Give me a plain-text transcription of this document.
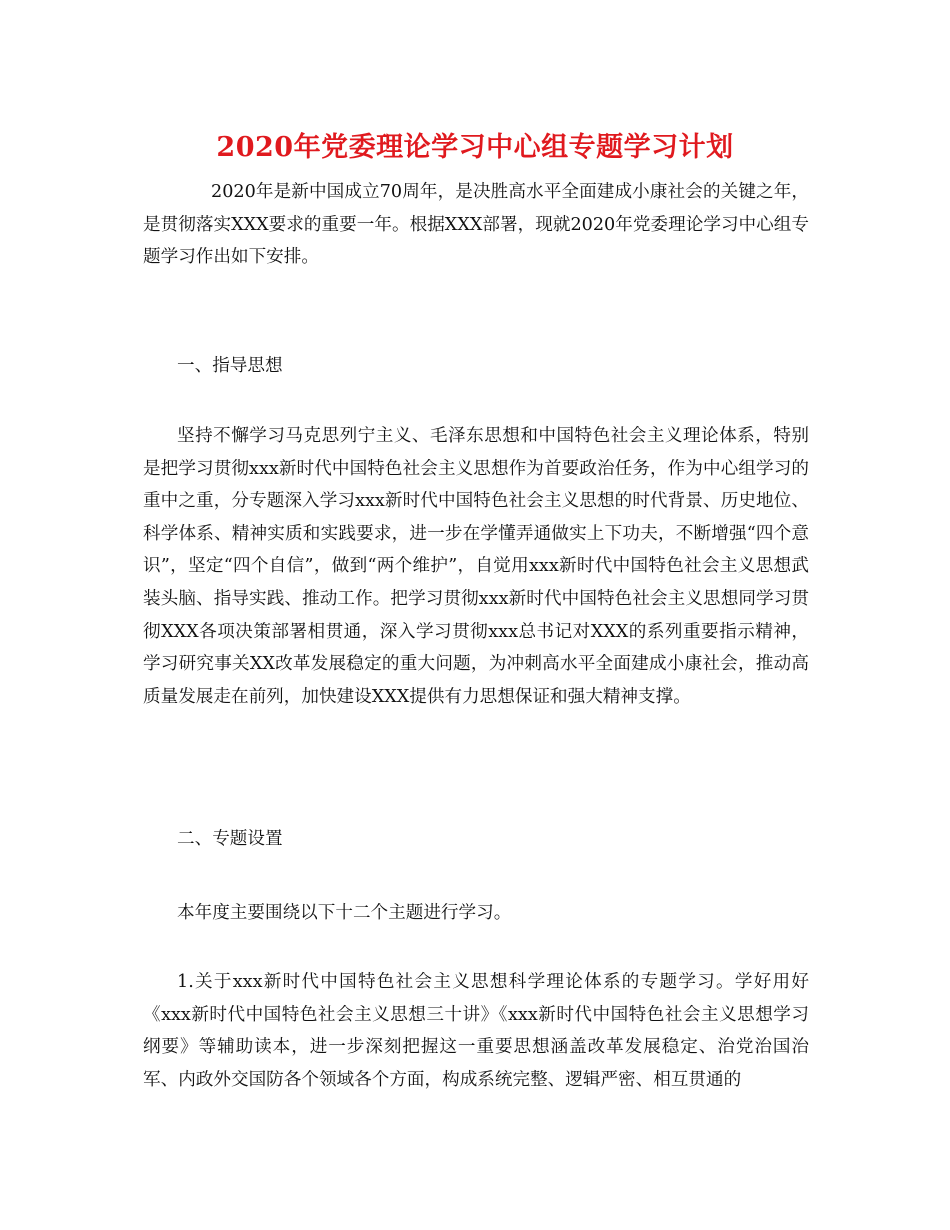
2020年党委理论学习中心组专题学习计划

2020年是新中国成立70周年，是决胜高水平全面建成小康社会的关键之年，是贯彻落实XXX要求的重要一年。根据XXX部署，现就2020年党委理论学习中心组专题学习作出如下安排。

一、指导思想

坚持不懈学习马克思列宁主义、毛泽东思想和中国特色社会主义理论体系，特别是把学习贯彻xxx新时代中国特色社会主义思想作为首要政治任务，作为中心组学习的重中之重，分专题深入学习xxx新时代中国特色社会主义思想的时代背景、历史地位、科学体系、精神实质和实践要求，进一步在学懂弄通做实上下功夫，不断增强“四个意识”，坚定“四个自信”，做到“两个维护”，自觉用xxx新时代中国特色社会主义思想武装头脑、指导实践、推动工作。把学习贯彻xxx新时代中国特色社会主义思想同学习贯彻XXX各项决策部署相贯通，深入学习贯彻xxx总书记对XXX的系列重要指示精神，学习研究事关XX改革发展稳定的重大问题，为冲刺高水平全面建成小康社会，推动高质量发展走在前列，加快建设XXX提供有力思想保证和强大精神支撑。

二、专题设置

本年度主要围绕以下十二个主题进行学习。

1.关于xxx新时代中国特色社会主义思想科学理论体系的专题学习。学好用好《xxx新时代中国特色社会主义思想三十讲》《xxx新时代中国特色社会主义思想学习纲要》等辅助读本，进一步深刻把握这一重要思想涵盖改革发展稳定、治党治国治军、内政外交国防各个领域各个方面，构成系统完整、逻辑严密、相互贯通的
